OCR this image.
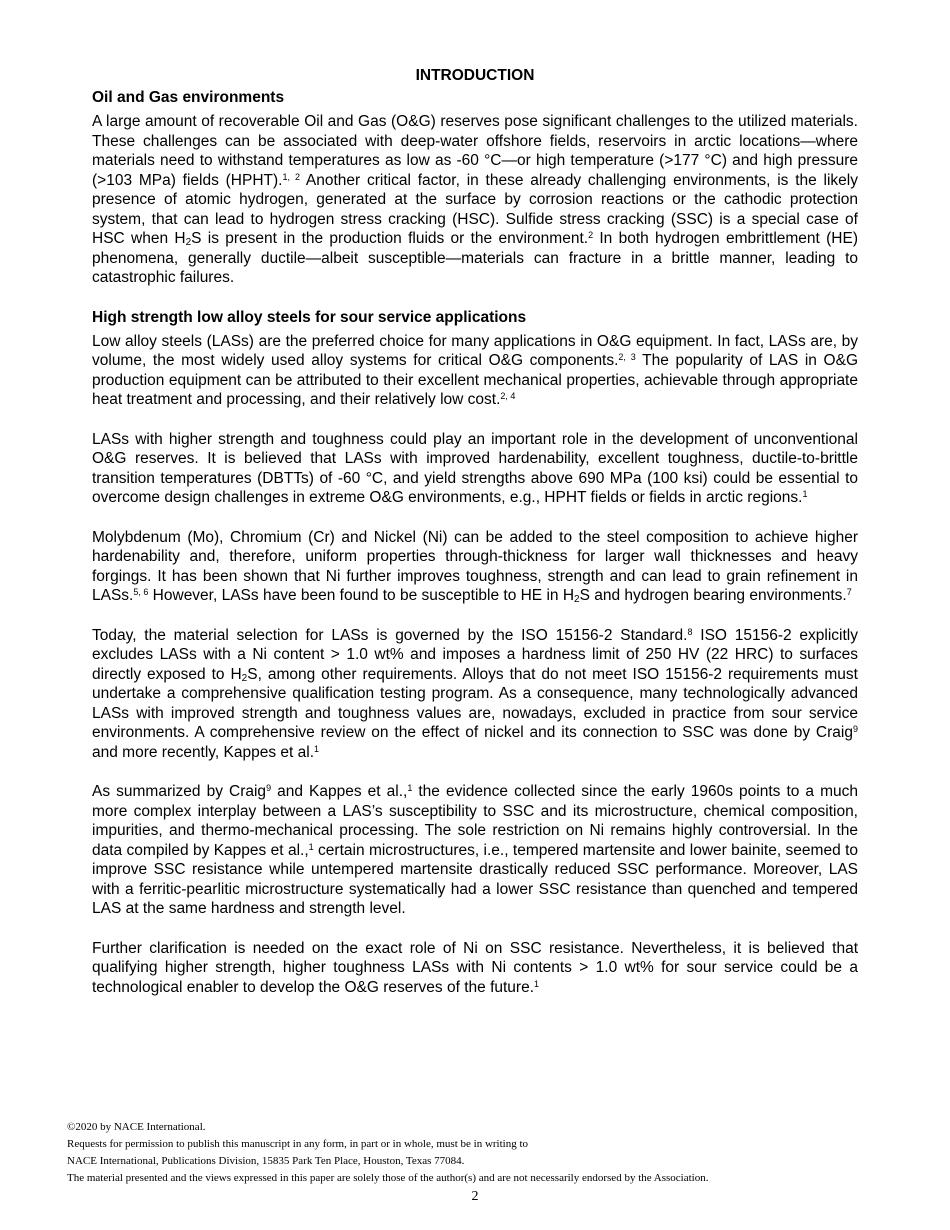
INTRODUCTION
Oil and Gas environments

A large amount of recoverable Oil and Gas (O&G) reserves pose significant challenges to the utilized materials. These challenges can be associated with deep-water offshore fields, reservoirs in arctic locations—where materials need to withstand temperatures as low as -60 °C—or high temperature (>177 °C) and high pressure (>103 MPa) fields (HPHT).$^{1, 2}$ Another critical factor, in these already challenging environments, is the likely presence of atomic hydrogen, generated at the surface by corrosion reactions or the cathodic protection system, that can lead to hydrogen stress cracking (HSC). Sulfide stress cracking (SSC) is a special case of HSC when $H_2S$ is present in the production fluids or the environment.$^2$ In both hydrogen embrittlement (HE) phenomena, generally ductile—albeit susceptible—materials can fracture in a brittle manner, leading to catastrophic failures.

High strength low alloy steels for sour service applications

Low alloy steels (LASs) are the preferred choice for many applications in O&G equipment. In fact, LASs are, by volume, the most widely used alloy systems for critical O&G components.$^{2, 3}$ The popularity of LAS in O&G production equipment can be attributed to their excellent mechanical properties, achievable through appropriate heat treatment and processing, and their relatively low cost.$^{2, 4}$

LASs with higher strength and toughness could play an important role in the development of unconventional O&G reserves. It is believed that LASs with improved hardenability, excellent toughness, ductile-to-brittle transition temperatures (DBTTs) of -60 °C, and yield strengths above 690 MPa (100 ksi) could be essential to overcome design challenges in extreme O&G environments, e.g., HPHT fields or fields in arctic regions.$^1$

Molybdenum (Mo), Chromium (Cr) and Nickel (Ni) can be added to the steel composition to achieve higher hardenability and, therefore, uniform properties through-thickness for larger wall thicknesses and heavy forgings. It has been shown that Ni further improves toughness, strength and can lead to grain refinement in LASs.$^{5, 6}$ However, LASs have been found to be susceptible to HE in $H_2S$ and hydrogen bearing environments.$^7$

Today, the material selection for LASs is governed by the ISO 15156-2 Standard.$^8$ ISO 15156-2 explicitly excludes LASs with a Ni content > 1.0 wt% and imposes a hardness limit of 250 HV (22 HRC) to surfaces directly exposed to $H_2S$, among other requirements. Alloys that do not meet ISO 15156-2 requirements must undertake a comprehensive qualification testing program. As a consequence, many technologically advanced LASs with improved strength and toughness values are, nowadays, excluded in practice from sour service environments. A comprehensive review on the effect of nickel and its connection to SSC was done by Craig$^9$ and more recently, Kappes et al.$^1$

As summarized by Craig$^9$ and Kappes et al.,$^1$ the evidence collected since the early 1960s points to a much more complex interplay between a LAS’s susceptibility to SSC and its microstructure, chemical composition, impurities, and thermo-mechanical processing. The sole restriction on Ni remains highly controversial. In the data compiled by Kappes et al.,$^1$ certain microstructures, i.e., tempered martensite and lower bainite, seemed to improve SSC resistance while untempered martensite drastically reduced SSC performance. Moreover, LAS with a ferritic-pearlitic microstructure systematically had a lower SSC resistance than quenched and tempered LAS at the same hardness and strength level.

Further clarification is needed on the exact role of Ni on SSC resistance. Nevertheless, it is believed that qualifying higher strength, higher toughness LASs with Ni contents > 1.0 wt% for sour service could be a technological enabler to develop the O&G reserves of the future.$^1$

©2020 by NACE International.
Requests for permission to publish this manuscript in any form, in part or in whole, must be in writing to
NACE International, Publications Division, 15835 Park Ten Place, Houston, Texas 77084.
The material presented and the views expressed in this paper are solely those of the author(s) and are not necessarily endorsed by the Association.
2
